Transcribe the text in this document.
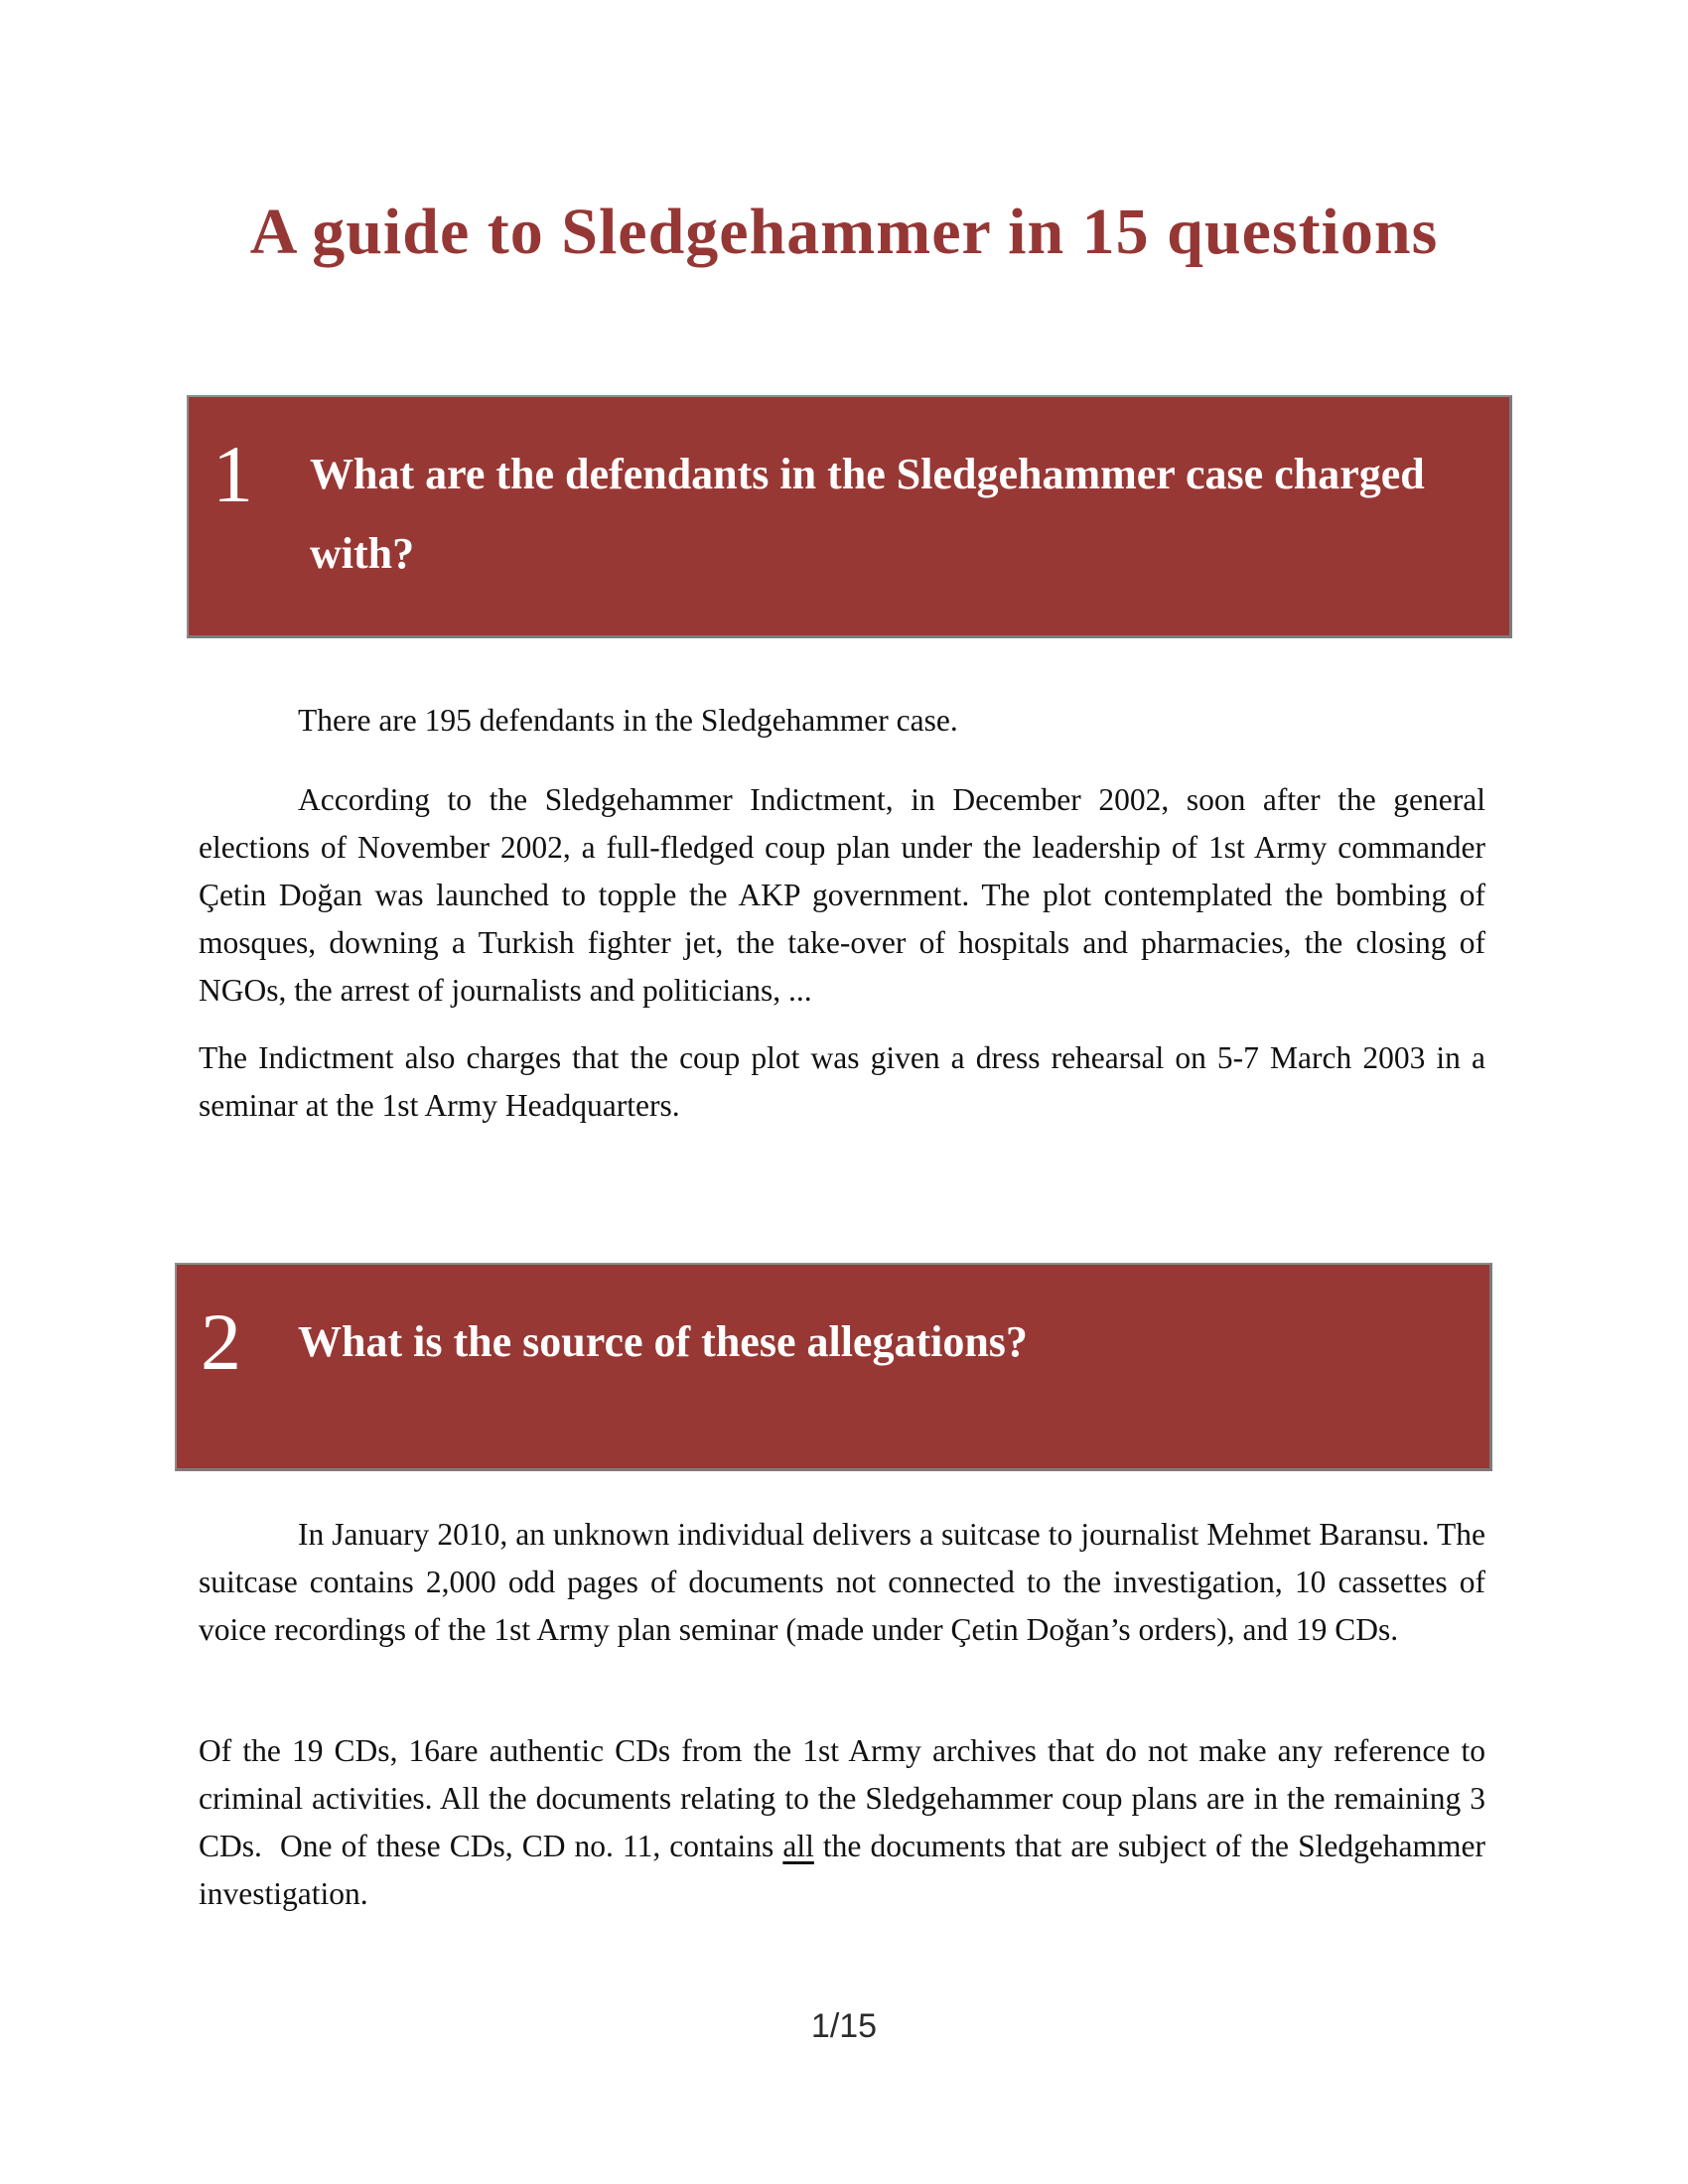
A guide to Sledgehammer in 15 questions
1	What are the defendants in the Sledgehammer case charged with?

There are 195 defendants in the Sledgehammer case.

According to the Sledgehammer Indictment, in December 2002, soon after the general elections of November 2002, a full-fledged coup plan under the leadership of 1st Army commander Çetin Doğan was launched to topple the AKP government. The plot contemplated the bombing of mosques, downing a Turkish fighter jet, the take-over of hospitals and pharmacies, the closing of NGOs, the arrest of journalists and politicians, ...

The Indictment also charges that the coup plot was given a dress rehearsal on 5-7 March 2003 in a seminar at the 1st Army Headquarters.

2	What is the source of these allegations?

In January 2010, an unknown individual delivers a suitcase to journalist Mehmet Baransu. The suitcase contains 2,000 odd pages of documents not connected to the investigation, 10 cassettes of voice recordings of the 1st Army plan seminar (made under Çetin Doğan’s orders), and 19 CDs.

Of the 19 CDs, 16are authentic CDs from the 1st Army archives that do not make any reference to criminal activities. All the documents relating to the Sledgehammer coup plans are in the remaining 3 CDs.  One of these CDs, CD no. 11, contains all the documents that are subject of the Sledgehammer investigation.

1/15
